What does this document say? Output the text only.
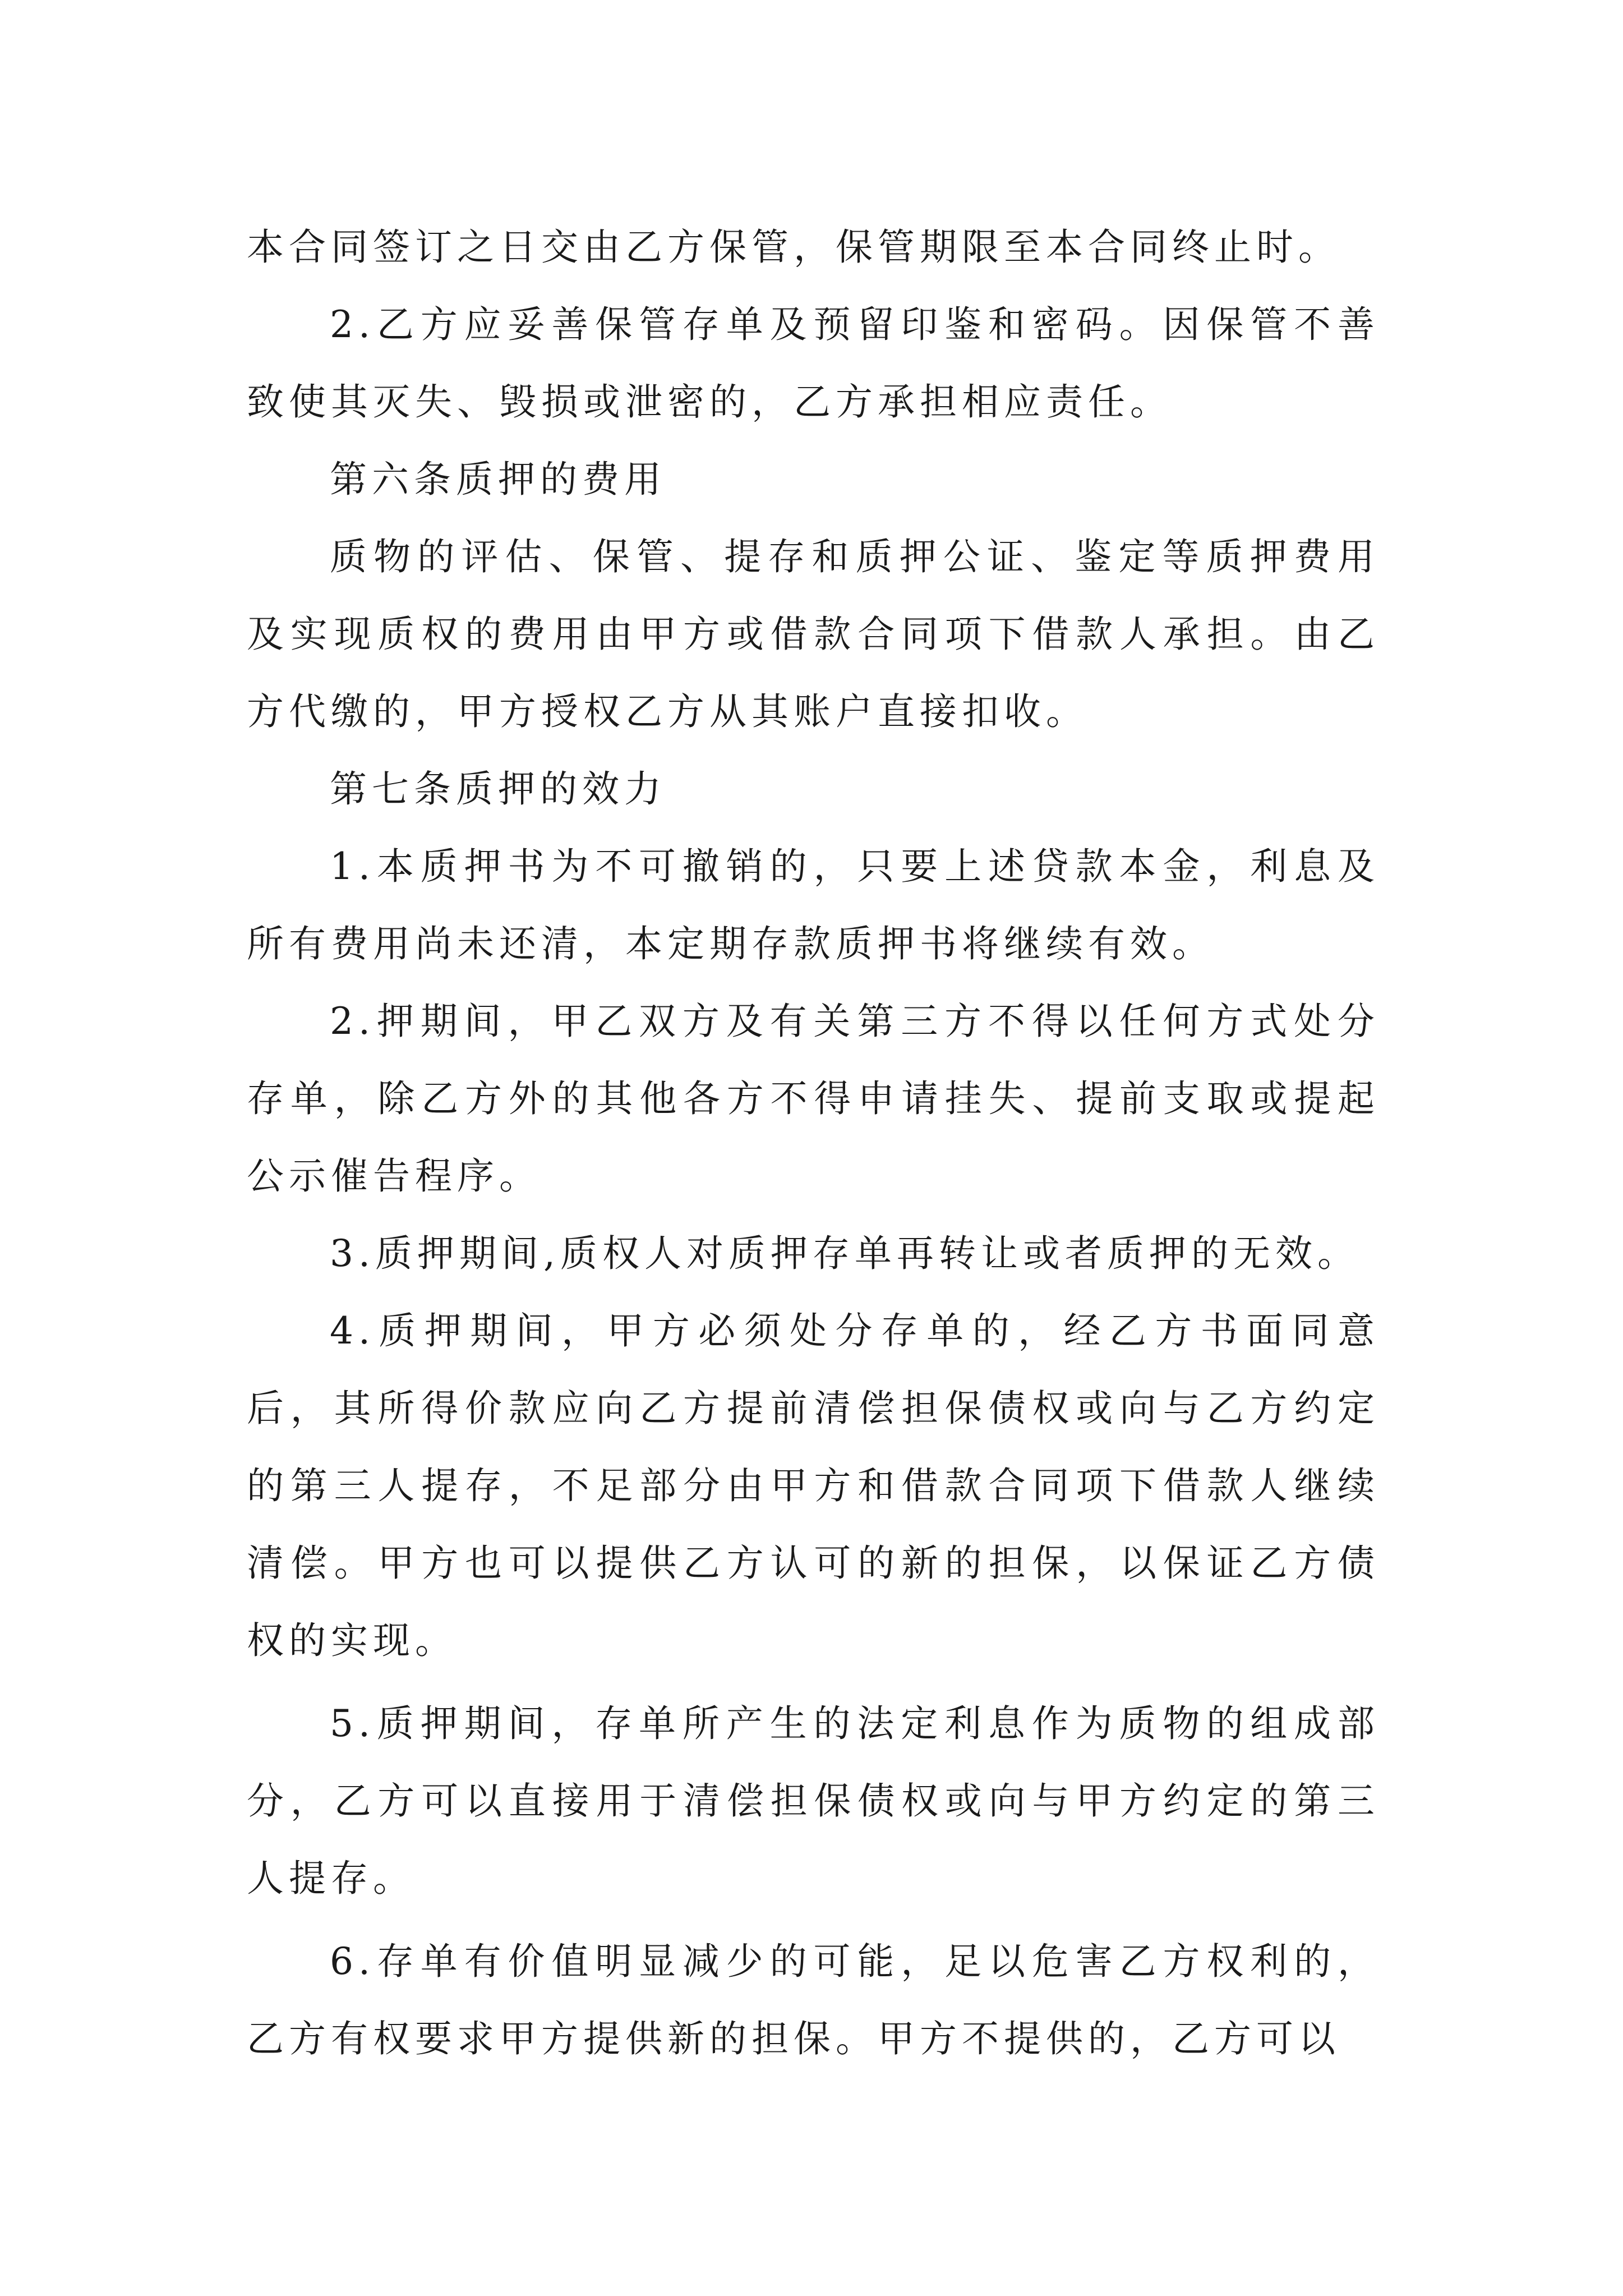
本合同签订之日交由乙方保管，保管期限至本合同终止时。

2.乙方应妥善保管存单及预留印鉴和密码。因保管不善致使其灭失、毁损或泄密的，乙方承担相应责任。

第六条质押的费用

质物的评估、保管、提存和质押公证、鉴定等质押费用及实现质权的费用由甲方或借款合同项下借款人承担。由乙方代缴的，甲方授权乙方从其账户直接扣收。

第七条质押的效力

1.本质押书为不可撤销的，只要上述贷款本金，利息及所有费用尚未还清，本定期存款质押书将继续有效。

2.押期间，甲乙双方及有关第三方不得以任何方式处分存单，除乙方外的其他各方不得申请挂失、提前支取或提起公示催告程序。

3.质押期间,质权人对质押存单再转让或者质押的无效。

4.质押期间，甲方必须处分存单的，经乙方书面同意后，其所得价款应向乙方提前清偿担保债权或向与乙方约定的第三人提存，不足部分由甲方和借款合同项下借款人继续清偿。甲方也可以提供乙方认可的新的担保，以保证乙方债权的实现。

5.质押期间，存单所产生的法定利息作为质物的组成部分，乙方可以直接用于清偿担保债权或向与甲方约定的第三人提存。

6.存单有价值明显减少的可能，足以危害乙方权利的，乙方有权要求甲方提供新的担保。甲方不提供的，乙方可以
